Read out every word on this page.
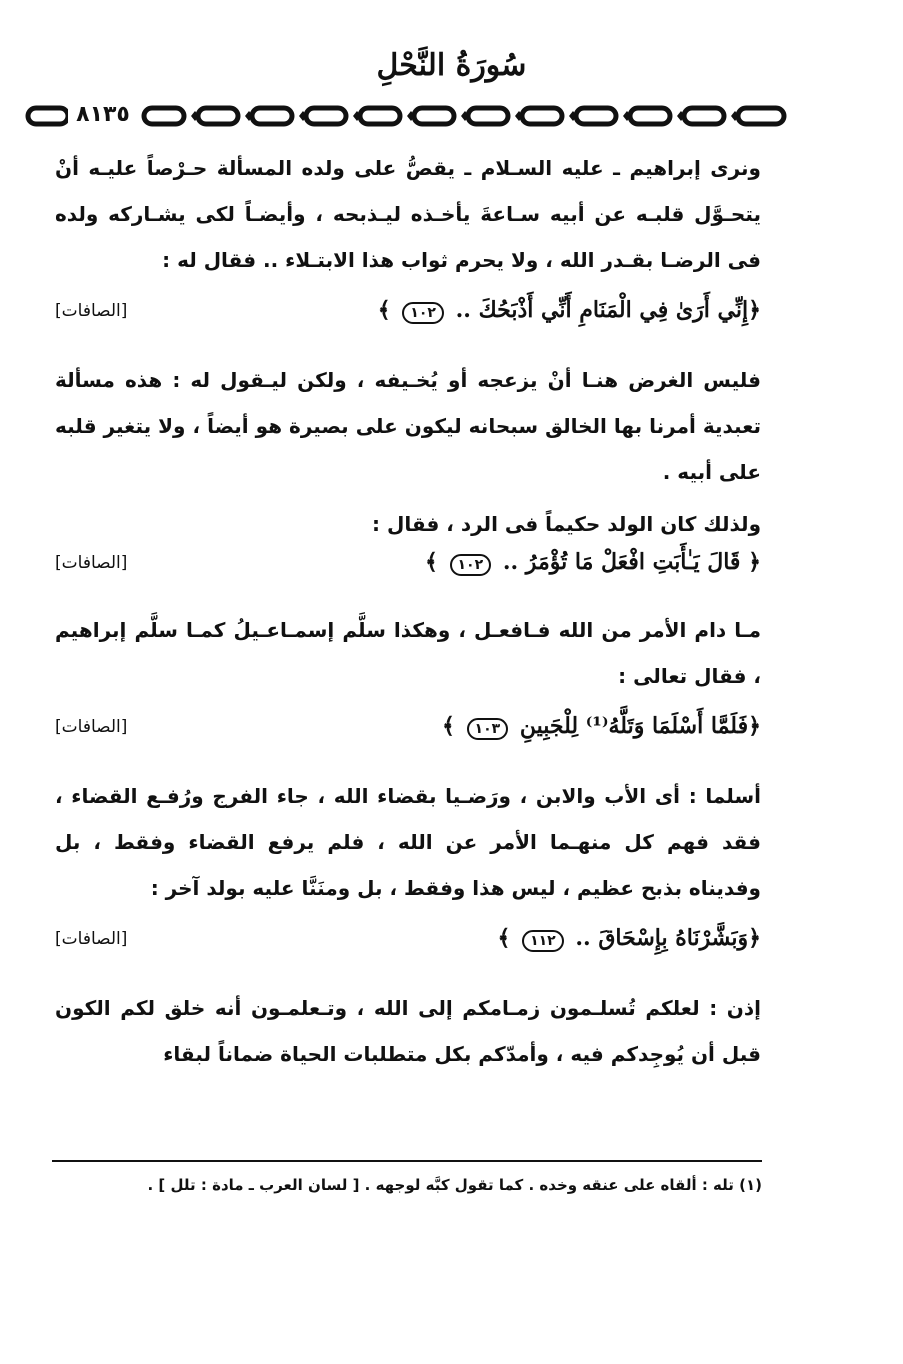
سُورَةُ النَّحْلِ
٨١٣٥

ونرى إبراهيم ـ عليه السـلام ـ يقصُّ على ولده المسألة حـرْصاً عليـه أنْ يتحـوَّل قلبـه عن أبيه سـاعةَ يأخـذه ليـذبحه ، وأيضـاً لكى يشـاركه ولده فى الرضـا بقـدر الله ، ولا يحرم ثواب هذا الابتـلاء .. فقال له :

﴿إِنِّي أَرَىٰ فِي الْمَنَامِ أَنِّي أَذْبَحُكَ .. ١٠٢ ﴾
[الصافات]

فليس الغرض هنـا أنْ يزعجه أو يُخـيفه ، ولكن ليـقول له : هذه مسألة تعبدية أمرنا بها الخالق سبحانه ليكون على بصيرة هو أيضاً ، ولا يتغير قلبه على أبيه .

ولذلك كان الولد حكيماً فى الرد ، فقال :

﴿ قَالَ يَـٰأَبَتِ افْعَلْ مَا تُؤْمَرُ .. ١٠٢ ﴾
[الصافات]

مـا دام الأمر من الله فـافعـل ، وهكذا سلَّم إسمـاعـيلُ كمـا سلَّم إبراهيم ، فقال تعالى :

﴿فَلَمَّا أَسْلَمَا وَتَلَّهُ⁽¹⁾ لِلْجَبِينِ ١٠٣ ﴾
[الصافات]

أسلما : أى الأب والابن ، ورَضـيا بقضاء الله ، جاء الفرج ورُفـع القضاء ، فقد فهم كل منهـما الأمر عن الله ، فلم يرفع القضاء وفقط ، بل وفديناه بذبح عظيم ، ليس هذا وفقط ، بل ومنَنَّا عليه بولد آخر :

﴿وَبَشَّرْنَاهُ بِإِسْحَاقَ .. ١١٢ ﴾
[الصافات]

إذن : لعلكم تُسلـمون زمـامكم إلى الله ، وتـعلمـون أنه خلق لكم الكون قبل أن يُوجِدكم فيه ، وأمدّكم بكل متطلبات الحياة ضماناً لبقاء

(١) تله : ألقاه على عنقه وخده . كما تقول كبَّه لوجهه . [ لسان العرب ـ مادة : تلل ] .
